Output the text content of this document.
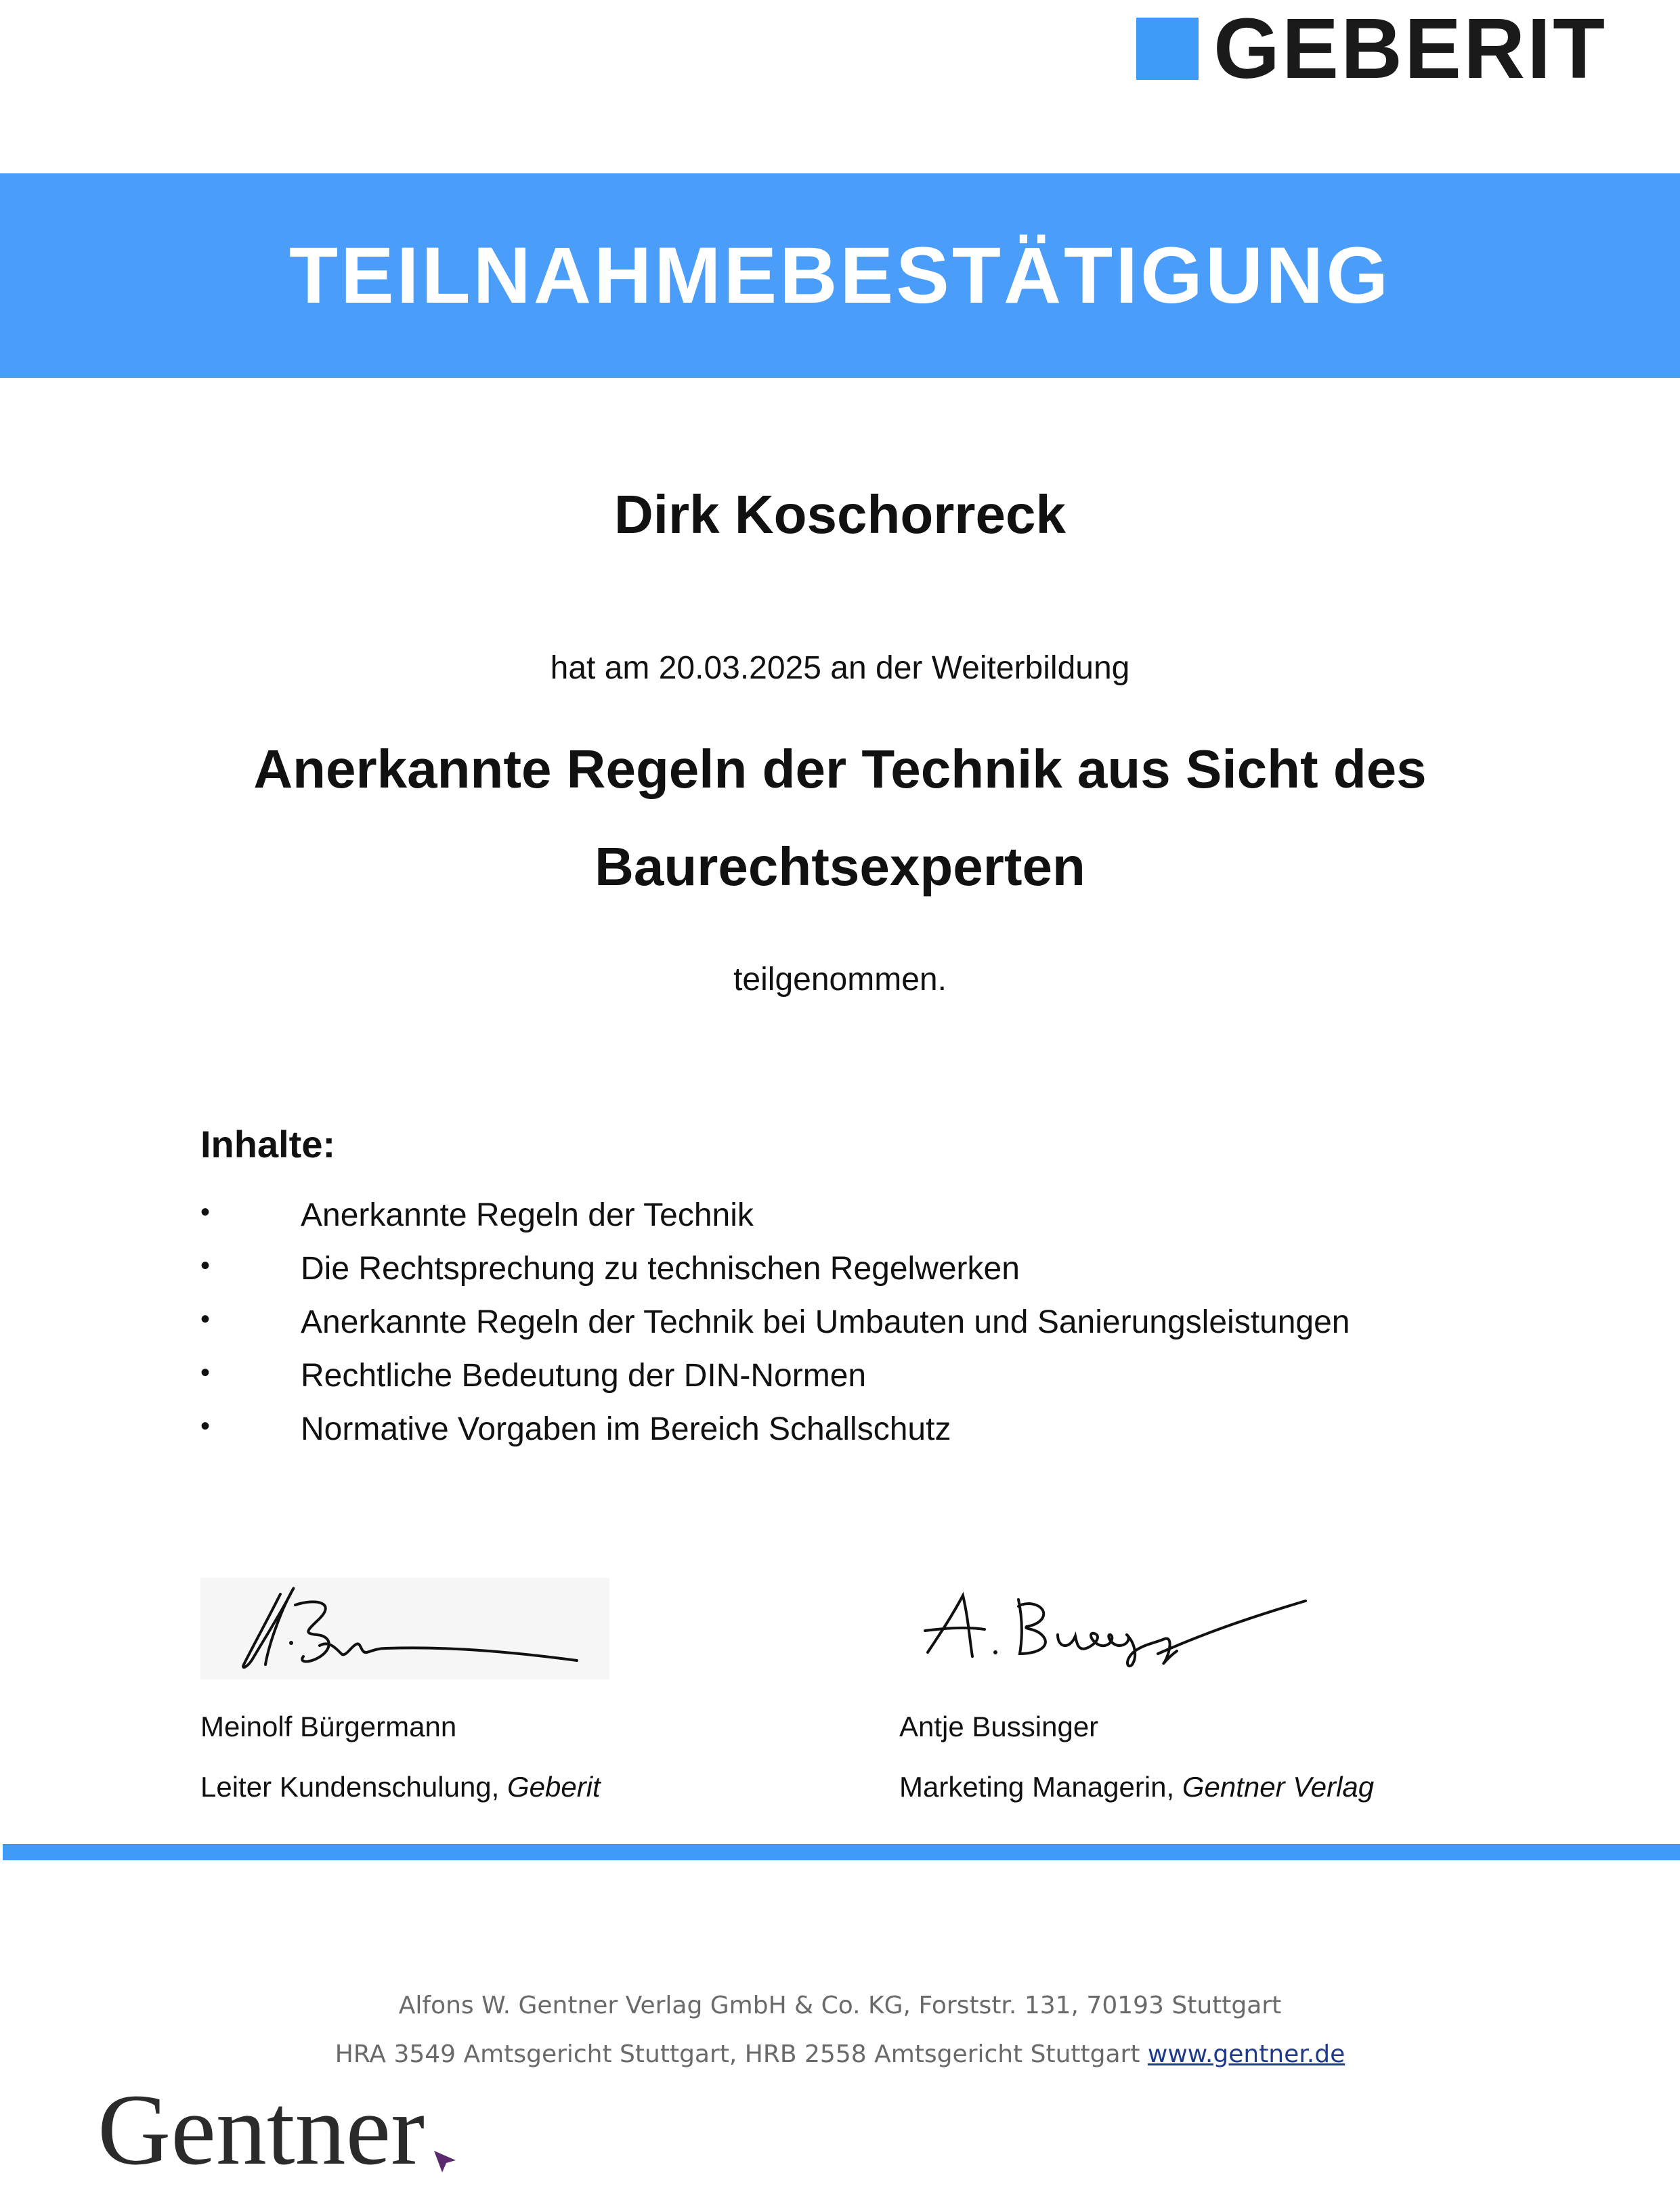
GEBERIT
TEILNAHMEBESTÄTIGUNG
Dirk Koschorreck
hat am 20.03.2025 an der Weiterbildung
Anerkannte Regeln der Technik aus Sicht des
Baurechtsexperten
teilgenommen.
Inhalte:
•	Anerkannte Regeln der Technik
•	Die Rechtsprechung zu technischen Regelwerken
•	Anerkannte Regeln der Technik bei Umbauten und Sanierungsleistungen
•	Rechtliche Bedeutung der DIN-Normen
•	Normative Vorgaben im Bereich Schallschutz
Meinolf Bürgermann	Antje Bussinger
Leiter Kundenschulung, Geberit	Marketing Managerin, Gentner Verlag
Alfons W. Gentner Verlag GmbH & Co. KG, Forststr. 131, 70193 Stuttgart
HRA 3549 Amtsgericht Stuttgart, HRB 2558 Amtsgericht Stuttgart www.gentner.de
Gentner
